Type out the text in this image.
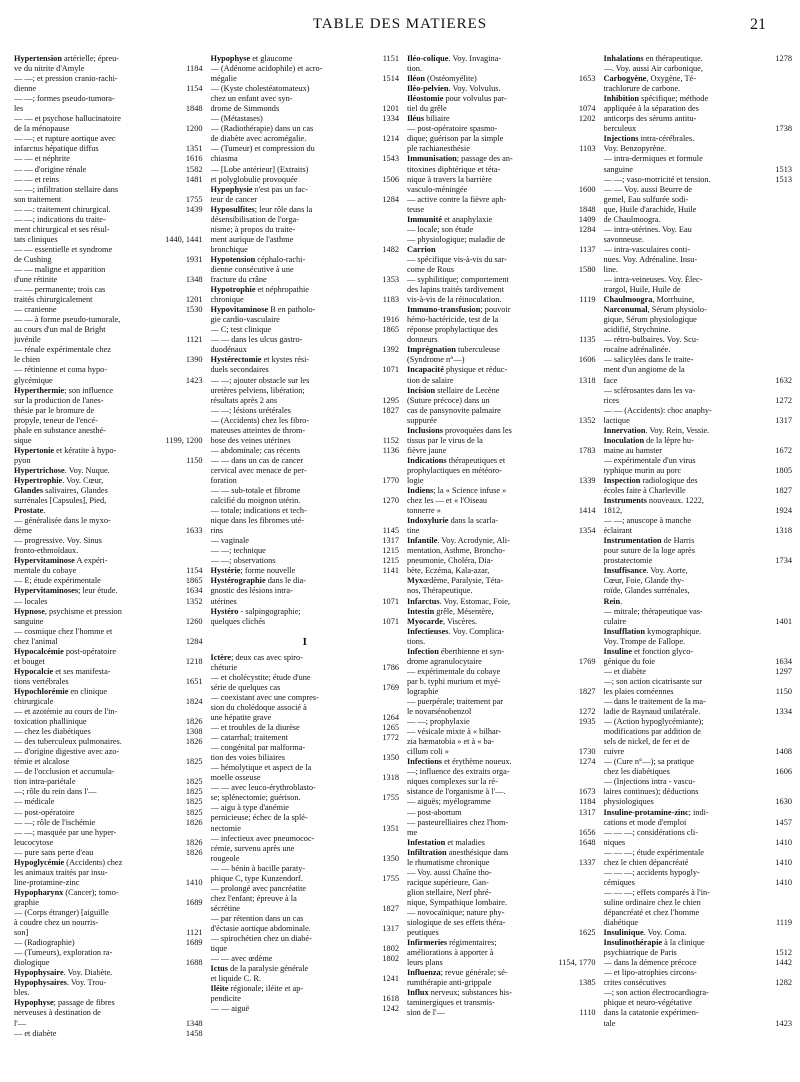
TABLE DES MATIERES	21
Hypertension artérielle; épreu-
ve du nitrite d'Amyle	1184
— —; et pression cranio-rachi-
dienne	1154
— —; formes pseudo-tumora-
les	1848
— — et psychose hallucinatoire
de la ménopause	1200
— —; et rupture aortique avec
infarctus hépatique diffus	1351
— — et néphrite	1616
— — d'origine rénale	1582
— — et reins	1481
— —; infiltration stellaire dans
son traitement	1755
— —: traitement chirurgical.	1439
— —; indications du traite-
ment chirurgical et ses résul-
tats cliniques	1440, 1441
— — essentielle et syndrome
de Cushing	1931
— — maligne et apparition
d'une rétinite	1348
— — permanente; trois cas
traités chirurgicalement	1201
— cranienne	1530
— — à forme pseudo-tumorale,
au cours d'un mal de Bright
juvénile	1121
— rénale expérimentale chez
le chien	1390
— rétinienne et coma hypo-
glycémique	1423
Hyperthermie; son influence
sur la production de l'anes-
thésie par le bromure de
propyle, teneur de l'encé-
phale en substance anesthé-
sique	1199, 1200
Hypertonie et kératite à hypo-
pyon	1150
Hypertrichose. Voy. Nuque.
Hypertrophie. Voy. Cœur,
Glandes salivaires, Glandes
surrénales [Capsules], Pied,
Prostate.
— généralisée dans le myxo-
dème	1633
— progressive. Voy. Sinus
fronto-ethmoïdaux.
Hypervitaminose A expéri-
mentale du cobaye	1154
— E; étude expérimentale	1865
Hypervitaminoses; leur étude.	1634
— locales	1352
Hypnose, psychisme et pression
sanguine	1260
— cosmique chez l'homme et
chez l'animal	1284
Hypocalcémie post-opératoire
et bouget	1218
Hypocalcie et ses manifesta-
tions vertébrales	1651
Hypochlorémie en clinique
chirurgicale	1824
— et azotémie au cours de l'in-
toxication phallinique	1826
— chez les diabétiques	1308
— des tuberculeux pulmonaires.	1826
— d'origine digestive avec azo-
témie et alcalose	1825
— de l'occlusion et accumula-
tion intra-pariétale	1825
—; rôle du rein dans l'—	1825
— médicale	1825
— post-opératoire	1825
— —; rôle de l'ischémie	1826
— —; masquée par une hyper-
leucocytose	1826
— pure sans perte d'eau	1826
Hypoglycémie (Accidents) chez
les animaux traités par insu-
line-protamine-zinc	1410
Hypopharynx (Cancer); tomo-
graphie	1689
— (Corps étranger) [aiguille
à coudre chez un nourris-
son]	1121
— (Radiographie)	1689
— (Tumeurs), exploration ra-
diologique	1688
Hypophysaire. Voy. Diabète.
Hypophysaires. Voy. Trou-
bles.
Hypophyse; passage de fibres
nerveuses à destination de
l'—	1348
— et diabète	1458
Hypophyse et glaucome	1151
— (Adénome acidophile) et acro-
mégalie	1514
— (Kyste cholestéatomateux)
chez un enfant avec syn-
drome de Simmonds	1201
— (Métastases)	1334
— (Radiothérapie) dans un cas
de diabète avec acromégalie.	1214
— (Tumeur) et compression du
chiasma	1543
— [Lobe antérieur] (Extraits)
et polyglobulie provoquée	1506
Hypophysie n'est pas un fac-
teur de cancer	1284
Hyposulfites; leur rôle dans la
désensibilisation de l'orga-
nisme; à propos du traite-
ment aurique de l'asthme
bronchique	1482
Hypotension céphalo-rachi-
dienne consécutive à une
fracture du crâne	1353
Hypotrophie et néphropathie
chronique	1183
Hypovitaminose B en patholo-
gie cardio-vasculaire	1916
— C; test clinique	1865
— — dans les ulcus gastro-
duodénaux	1392
Hystérectomie et kystes rési-
duels secondaires	1071
— —; ajouter obstacle sur les
uretères pelviens, libération;
résultats après 2 ans	1295
— —; lésions urétérales	1827
— (Accidents) chez les fibro-
mateuses atteintes de throm-
bose des veines utérines	1152
— abdominale; cas récents	1136
— — dans un cas de cancer
cervical avec menace de per-
foration	1770
— — sub-totale et fibrome
calcifié du moignon utérin.	1270
— totale; indications et tech-
nique dans les fibromes uté-
rins	1145
— vaginale	1317
— —; technique	1215
— —; observations	1215
Hystérie; forme nouvelle	1141
Hystérographie dans le dia-
gnostic des lésions intra-
utérines	1071
Hystéro - salpingographie;
quelques clichés	1071
I
Ictère; deux cas avec spiro-
chéturie	1786
— et cholécystite; étude d'une
série de quelques cas	1769
— coexistant avec une compres-
sion du cholédoque associé à
une hépatite grave	1264
— et troubles de la diurèse	1265
— catarrhal; traitement	1772
— congénital par malforma-
tion des voies biliaires	1350
— hémolytique et aspect de la
moelle osseuse	1318
— — avec leuco-érythroblasto-
se; splénectomie; guérison.	1755
— aigu à type d'anémie
pernicieuse; échec de la splé-
nectomie	1351
— infectieux avec pneumococ-
cémie, survenu après une
rougeole	1350
— — bénin à bacille paraty-
phique C, type Kunzendorf.	1755
— prolongé avec pancréatite
chez l'enfant; épreuve à la
sécrétine	1827
— par rétention dans un cas
d'éctasie aortique abdominale.	1317
— spirochétien chez un diabé-
tique	1802
— — avec œdème	1802
Ictus de la paralysie générale
et liquide C. R.	1241
Iléite régionale; iléite et ap-
pendicite	1618
— — aiguë	1242
Iléo-colique. Voy. Invagina-
tion.
Iléon (Ostéomyélite)	1653
Iléo-pelvien. Voy. Volvulus.
Iléostomie pour volvulus par-
tiel du grêle	1074
Iléus biliaire	1202
— post-opératoire spasmo-
dique; guérison par la simple
ple rachianesthésie	1103
Immunisation; passage des an-
titoxines diphtérique et téta-
nique à travers la barrière
vasculo-méningée	1600
— active contre la fièvre aph-
teuse	1848
Immunité et anaphylaxie	1409
— locale; son étude	1284
— physiologique; maladie de
Carrion	1137
— spécifique vis-à-vis du sar-
come de Rous	1580
— syphilitique; comportement
des lapins traités tardivement
vis-à-vis de la réinoculation.	1119
Immuno-transfusion; pouvoir
hémo-bactéricide, test de la
réponse prophylactique des
donneurs	1135
Imprégnation tuberculeuse
(Syndrome n°—)	1606
Incapacité physique et réduc-
tion de salaire	1318
Incision stellaire de Lecène
(Suture précoce) dans un
cas de pansynovite palmaire
suppurée	1352
Inclusions provoquées dans les
tissus par le virus de la
fièvre jaune	1783
Indications thérapeutiques et
prophylactiques en météoro-
logie	1339
Indiens; la « Science infuse »
chez les — et « l'Oiseau
tonnerre »	1414
Indoxylurie dans la scarla-
tine	1354
Infantile. Voy. Acrodynie, Ali-
mentation, Asthme, Broncho-
pneumonie, Choléra, Dia-
bète, Eczéma, Kala-azar,
Myxœdème, Paralysie, Téta-
nos, Thérapeutique.
Infarctus. Voy. Estomac, Foie,
Intestin grêle, Mésentère,
Myocarde, Viscères.
Infectieuses. Voy. Complica-
tions.
Infection éberthienne et syn-
drome agranulocytaire	1769
— expérimentale du cobaye
par b. typhi murium et myé-
lographie	1827
— puerpérale; traitement par
le novarsénobenzol	1272
— —; prophylaxie	1935
— vésicale mixte à « bilhar-
zia hæmatobia » et à « ba-
cillum coli »	1730
Infections et érythème noueux.	1274
—; influence des extraits orga-
niques complexes sur la ré-
sistance de l'organisme à l'—.	1673
— aiguës; myélogramme	1184
— post-abortum	1317
— pasteurelliaires chez l'hom-
me	1656
Infestation et maladies	1648
Infiltration anesthésique dans
le rhumatisme chronique	1337
— Voy. aussi Chaîne tho-
racique supérieure, Gan-
glion stellaire, Nerf phré-
nique, Sympathique lombaire.
— novocaïnique; nature phy-
siologique de ses effets théra-
peutiques	1625
Infirmeries régimentaires;
améliorations à apporter à
leurs plans	1154, 1770
Influenza; revue générale; sé-
rumthérapie anti-grippale	1385
Influx nerveux; substances his-
taminergiques et transmis-
sion de l'—	1110
Inhalations en thérapeutique.	1278
—. Voy. aussi Air carbonique,
Carbogyène, Oxygène, Té-
trachlorure de carbone.
Inhibition spécifique; méthode
appliquée à la séparation des
anticorps des sérums antitu-
berculeux	1738
Injections intra-cérébrales.
Voy. Benzopyrène.
— intra-dermiques et formule
sanguine	1513
— —; vaso-motricité et tension.	1513
— — Voy. aussi Beurre de
gemel, Eau sulfurée sodi-
que, Huile d'arachide, Huile
de Chaulmoogra.
— intra-utérines. Voy. Eau
savonneuse.
— intra-vasculaires conti-
nues. Voy. Adrénaline. Insu-
line.
— intra-veineuses. Voy. Élec-
trargol, Huile, Huile de
Chaulmoogra, Morrhuine,
Narconumal, Sérum physiolo-
gique, Sérum physiologique
acidifié, Strychnine.
— rétro-bulbaires. Voy. Scu-
rocaïne adrénalinée.
— salicylées dans le traite-
ment d'un angiome de la
face	1632
— sclérosantes dans les va-
rices	1272
— — (Accidents): choc anaphy-
lactique	1317
Innervation. Voy. Rein, Vessie.
Inoculation de la lèpre hu-
maine au hamster	1672
— expérimentale d'un virus
typhique murin au porc	1805
Inspection radiologique des
écoles faite à Charleville	1827
Instruments nouveaux. 1222,
1812,	1924
— —; anuscope à manche
éclairant	1318
Instrumentation de Harris
pour suture de la loge après
prostatectomie	1734
Insuffisance. Voy. Aorte,
Cœur, Foie, Glande thy-
roïde, Glandes surrénales,
Rein.
— mitrale; thérapeutique vas-
culaire	1401
Insufflation kymographique.
Voy. Trompe de Fallope.
Insuline et fonction glyco-
génique du foie	1634
— et diabète	1297
—; son action cicatrisante sur
les plaies cornéennes	1150
— dans le traitement de la ma-
ladie de Raynaud unilatérale.	1334
— (Action hypoglycémiante);
modifications par addition de
sels de nickel, de fer et de
cuivre	1408
— (Cure n°—); sa pratique
chez les diabétiques	1606
— (Injections intra - vascu-
laires continues); déductions
physiologiques	1630
Insuline-protamine-zinc; indi-
cations et mode d'emploi	1457
— — —; considérations cli-
niques	1410
— — —; étude expérimentale
chez le chien dépancréaté	1410
— — —; accidents hypogly-
cémiques	1410
— — —; effets comparés à l'in-
suline ordinaire chez le chien
dépancréaté et chez l'homme
diabétique	1119
Insulinique. Voy. Coma.
Insulinothérapie à la clinique
psychiatrique de Paris	1512
— dans la démence précoce	1442
— et lipo-atrophies circons-
crites consécutives	1282
—; son action électrocardiogra-
phique et neuro-végétative
dans la catatonie expérimen-
tale	1423
